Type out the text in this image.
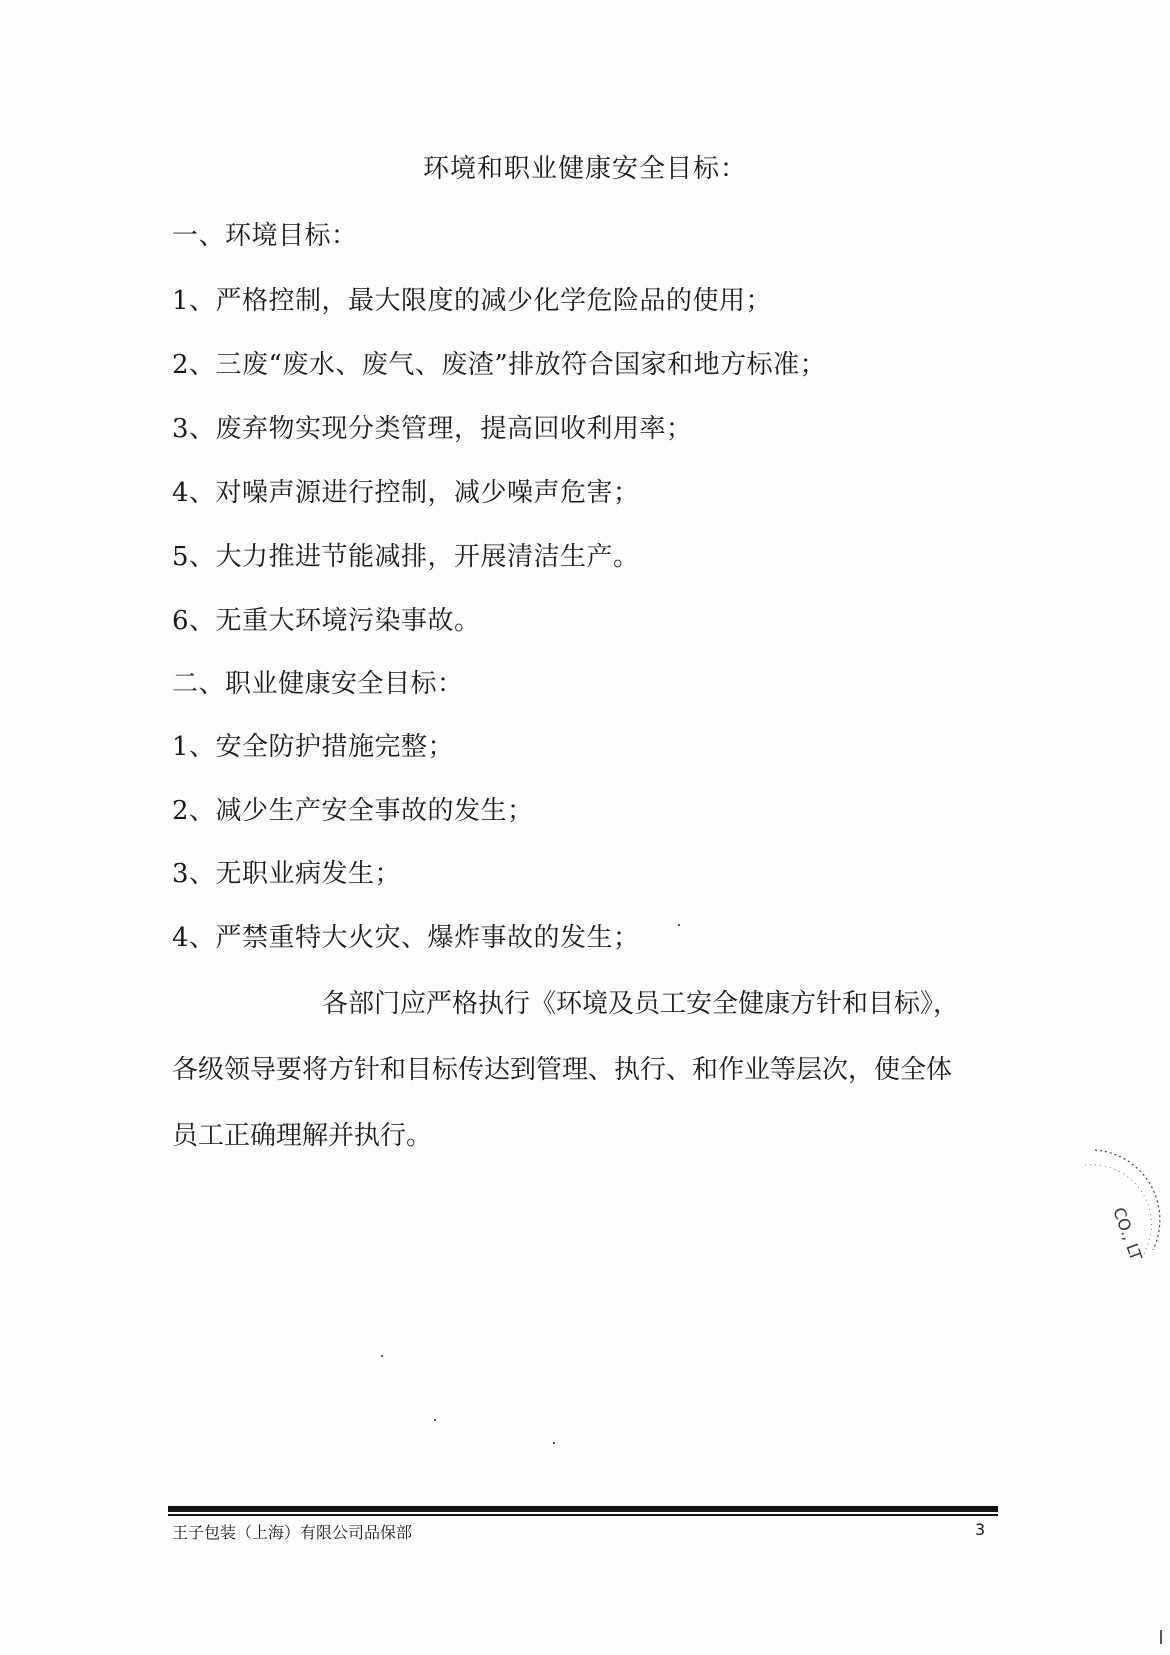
环境和职业健康安全目标：
一、环境目标：
1、严格控制，最大限度的减少化学危险品的使用；
2、三废“废水、废气、废渣”排放符合国家和地方标准；
3、废弃物实现分类管理，提高回收利用率；
4、对噪声源进行控制，减少噪声危害；
5、大力推进节能减排，开展清洁生产。
6、无重大环境污染事故。
二、职业健康安全目标：
1、安全防护措施完整；
2、减少生产安全事故的发生；
3、无职业病发生；
4、严禁重特大火灾、爆炸事故的发生；
各部门应严格执行《环境及员工安全健康方针和目标》，
各级领导要将方针和目标传达到管理、执行、和作业等层次，使全体
员工正确理解并执行。
CO., LT
王子包装（上海）有限公司品保部	3
